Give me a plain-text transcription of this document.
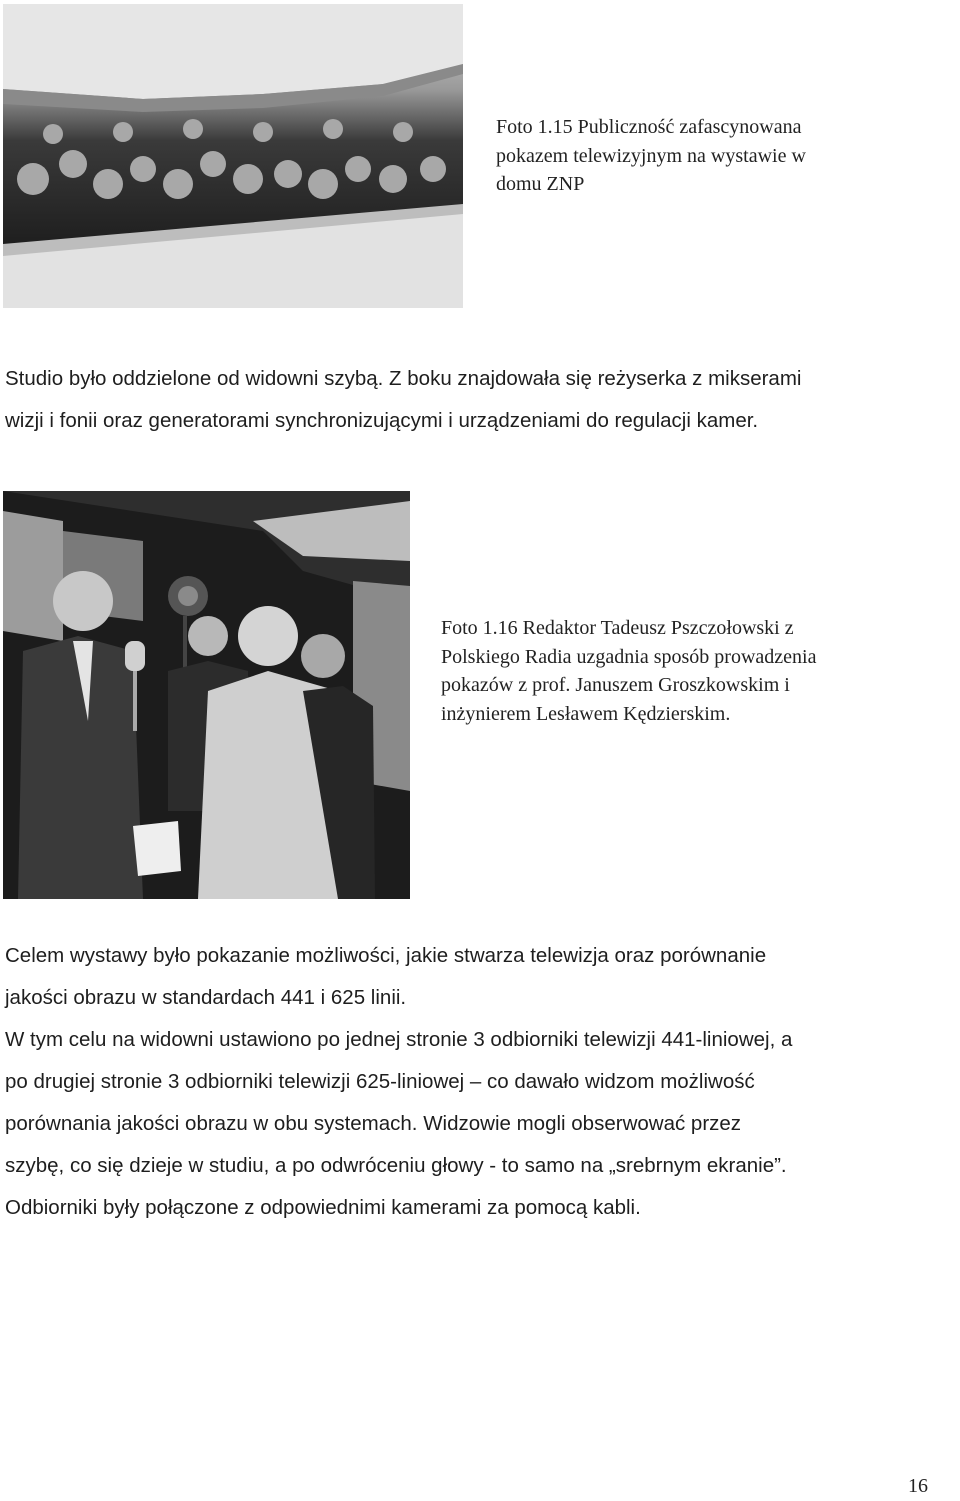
Foto 1.15 Publiczność zafascynowana
pokazem telewizyjnym na wystawie w
domu ZNP
Studio było oddzielone od widowni szybą. Z boku znajdowała się reżyserka z mikserami
wizji i fonii oraz generatorami synchronizującymi i urządzeniami do regulacji kamer.
Foto 1.16 Redaktor Tadeusz Pszczołowski z
Polskiego Radia uzgadnia sposób prowadzenia
pokazów z prof. Januszem Groszkowskim i
inżynierem Lesławem Kędzierskim.
Celem wystawy było pokazanie możliwości, jakie stwarza telewizja oraz porównanie
jakości obrazu w standardach 441 i 625 linii.
W tym celu na widowni ustawiono po jednej stronie 3 odbiorniki telewizji 441-liniowej, a
po drugiej stronie 3 odbiorniki telewizji 625-liniowej – co dawało widzom możliwość
porównania jakości obrazu w obu systemach. Widzowie mogli obserwować przez
szybę, co się dzieje w studiu, a po odwróceniu głowy - to samo na „srebrnym ekranie”.
Odbiorniki były połączone z odpowiednimi kamerami za pomocą kabli.
16
